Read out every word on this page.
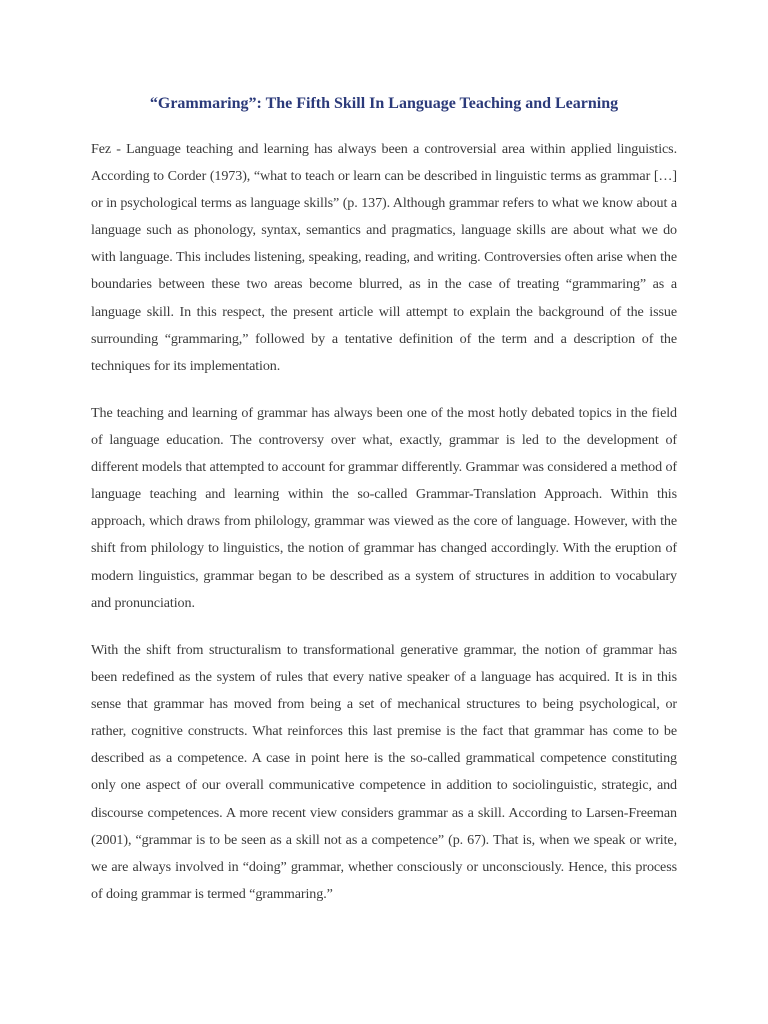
“Grammaring”: The Fifth Skill In Language Teaching and Learning

Fez - Language teaching and learning has always been a controversial area within applied linguistics. According to Corder (1973), “what to teach or learn can be described in linguistic terms as grammar […] or in psychological terms as language skills” (p. 137). Although grammar refers to what we know about a language such as phonology, syntax, semantics and pragmatics, language skills are about what we do with language. This includes listening, speaking, reading, and writing. Controversies often arise when the boundaries between these two areas become blurred, as in the case of treating “grammaring” as a language skill. In this respect, the present article will attempt to explain the background of the issue surrounding “grammaring,” followed by a tentative definition of the term and a description of the techniques for its implementation.

The teaching and learning of grammar has always been one of the most hotly debated topics in the field of language education. The controversy over what, exactly, grammar is led to the development of different models that attempted to account for grammar differently. Grammar was considered a method of language teaching and learning within the so-called Grammar-Translation Approach. Within this approach, which draws from philology, grammar was viewed as the core of language. However, with the shift from philology to linguistics, the notion of grammar has changed accordingly. With the eruption of modern linguistics, grammar began to be described as a system of structures in addition to vocabulary and pronunciation.

With the shift from structuralism to transformational generative grammar, the notion of grammar has been redefined as the system of rules that every native speaker of a language has acquired. It is in this sense that grammar has moved from being a set of mechanical structures to being psychological, or rather, cognitive constructs. What reinforces this last premise is the fact that grammar has come to be described as a competence. A case in point here is the so-called grammatical competence constituting only one aspect of our overall communicative competence in addition to sociolinguistic, strategic, and discourse competences. A more recent view considers grammar as a skill. According to Larsen-Freeman (2001), “grammar is to be seen as a skill not as a competence” (p. 67). That is, when we speak or write, we are always involved in “doing” grammar, whether consciously or unconsciously. Hence, this process of doing grammar is termed “grammaring.”
